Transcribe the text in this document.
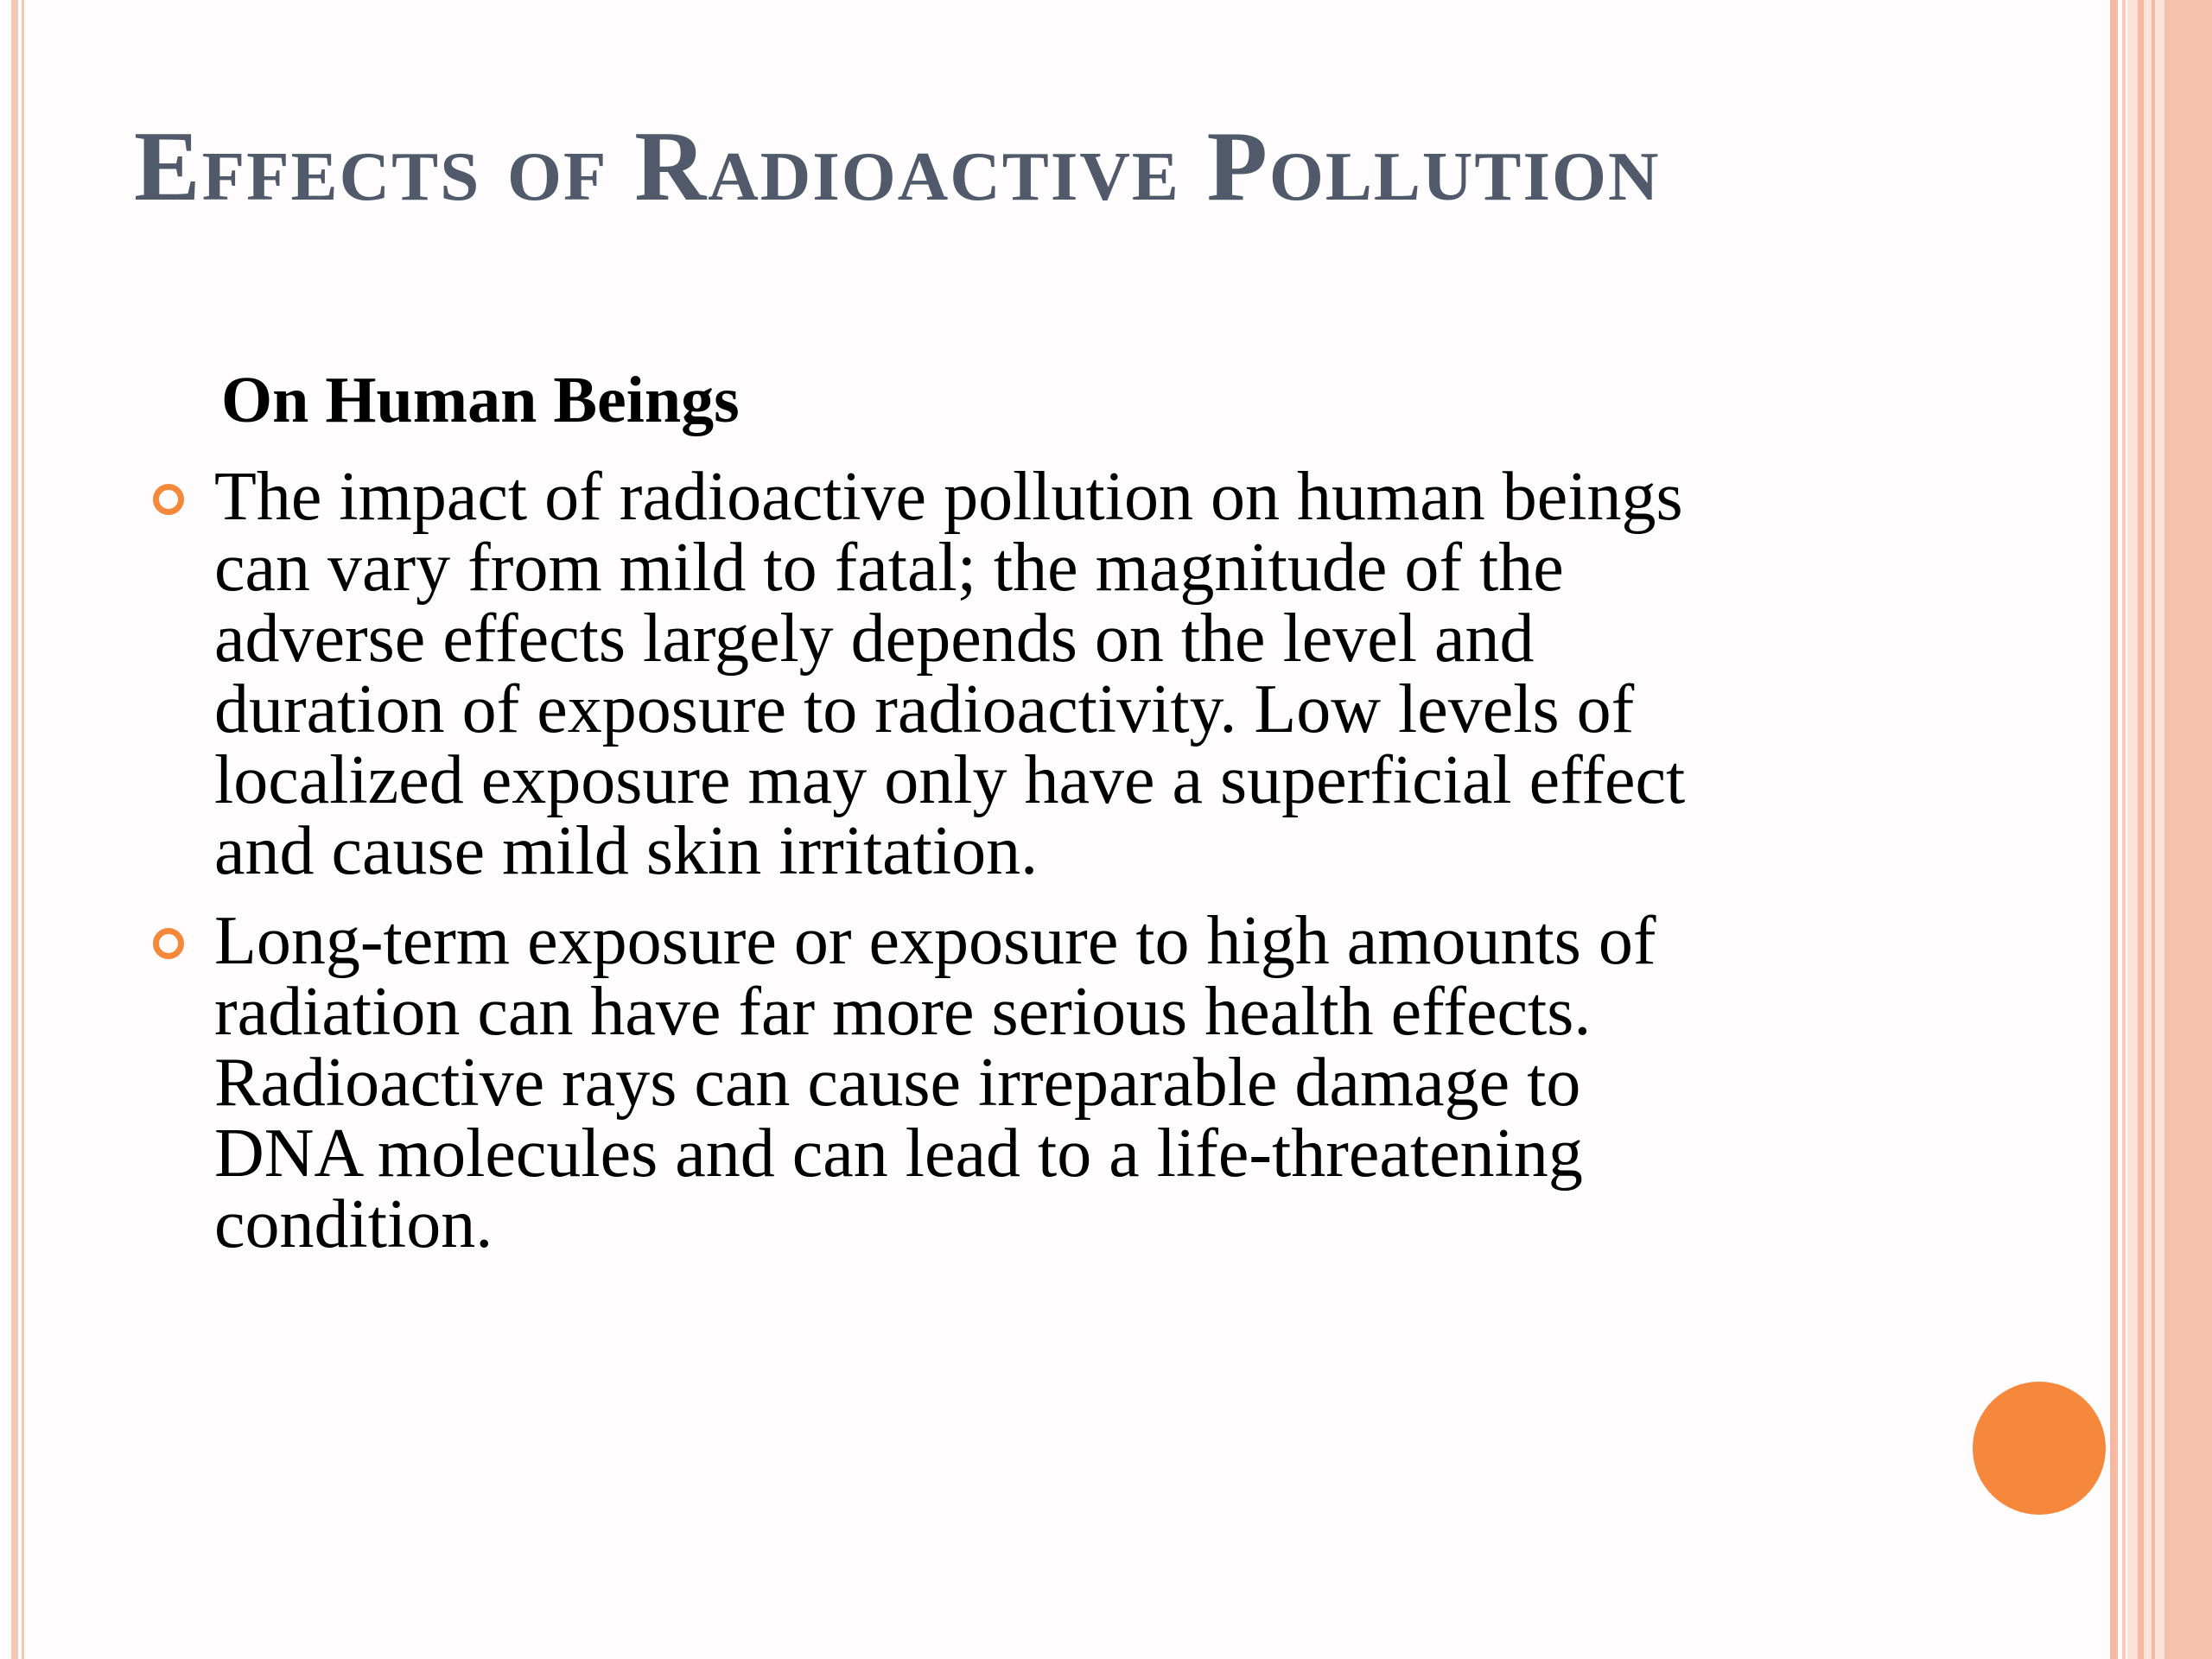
Effects of Radioactive Pollution
On Human Beings

The impact of radioactive pollution on human beings
can vary from mild to fatal; the magnitude of the
adverse effects largely depends on the level and
duration of exposure to radioactivity. Low levels of
localized exposure may only have a superficial effect
and cause mild skin irritation.

Long-term exposure or exposure to high amounts of
radiation can have far more serious health effects.
Radioactive rays can cause irreparable damage to
DNA molecules and can lead to a life-threatening
condition.
